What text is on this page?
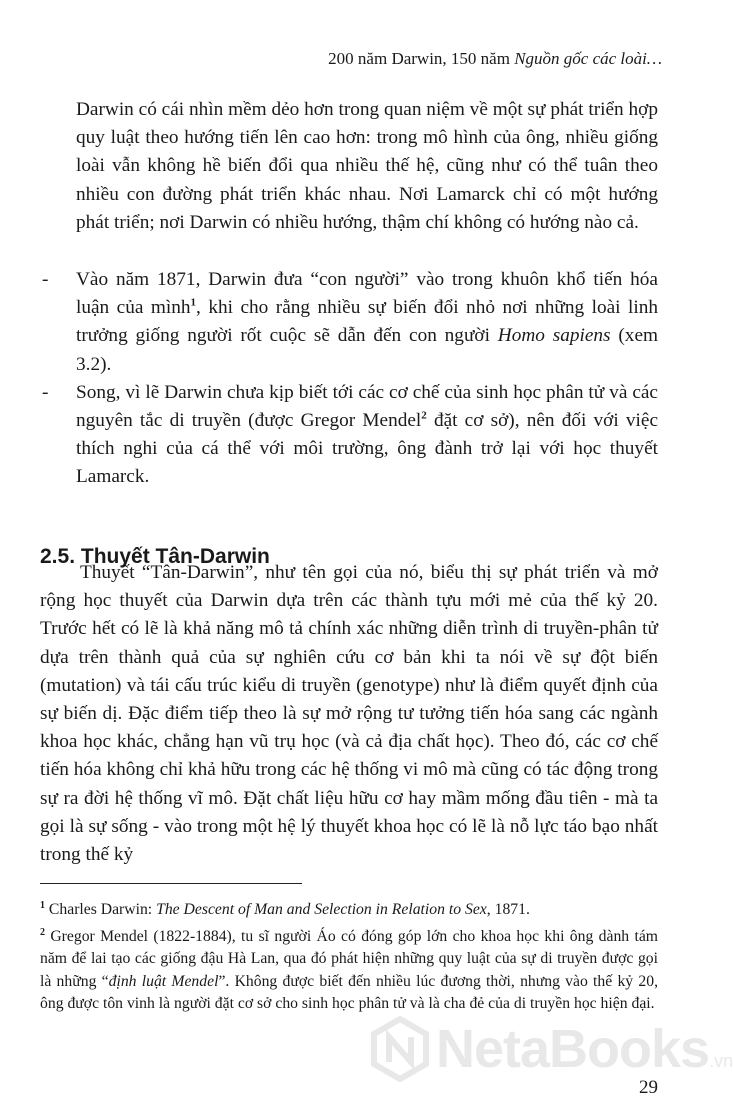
200 năm Darwin, 150 năm Nguồn gốc các loài…

Darwin có cái nhìn mềm dẻo hơn trong quan niệm về một sự phát triển hợp quy luật theo hướng tiến lên cao hơn: trong mô hình của ông, nhiều giống loài vẫn không hề biến đổi qua nhiều thế hệ, cũng như có thể tuân theo nhiều con đường phát triển khác nhau. Nơi Lamarck chỉ có một hướng phát triển; nơi Darwin có nhiều hướng, thậm chí không có hướng nào cả.

- Vào năm 1871, Darwin đưa “con người” vào trong khuôn khổ tiến hóa luận của mình$^1$, khi cho rằng nhiều sự biến đổi nhỏ nơi những loài linh trưởng giống người rốt cuộc sẽ dẫn đến con người Homo sapiens (xem 3.2).

- Song, vì lẽ Darwin chưa kịp biết tới các cơ chế của sinh học phân tử và các nguyên tắc di truyền (được Gregor Mendel$^2$ đặt cơ sở), nên đối với việc thích nghi của cá thể với môi trường, ông đành trở lại với học thuyết Lamarck.

2.5. Thuyết Tân-Darwin

Thuyết “Tân-Darwin”, như tên gọi của nó, biểu thị sự phát triển và mở rộng học thuyết của Darwin dựa trên các thành tựu mới mẻ của thế kỷ 20. Trước hết có lẽ là khả năng mô tả chính xác những diễn trình di truyền-phân tử dựa trên thành quả của sự nghiên cứu cơ bản khi ta nói về sự đột biến (mutation) và tái cấu trúc kiểu di truyền (genotype) như là điểm quyết định của sự biến dị. Đặc điểm tiếp theo là sự mở rộng tư tưởng tiến hóa sang các ngành khoa học khác, chẳng hạn vũ trụ học (và cả địa chất học). Theo đó, các cơ chế tiến hóa không chỉ khả hữu trong các hệ thống vi mô mà cũng có tác động trong sự ra đời hệ thống vĩ mô. Đặt chất liệu hữu cơ hay mầm mống đầu tiên - mà ta gọi là sự sống - vào trong một hệ lý thuyết khoa học có lẽ là nỗ lực táo bạo nhất trong thế kỷ

$^1$ Charles Darwin: The Descent of Man and Selection in Relation to Sex, 1871.

$^2$ Gregor Mendel (1822-1884), tu sĩ người Áo có đóng góp lớn cho khoa học khi ông dành tám năm để lai tạo các giống đậu Hà Lan, qua đó phát hiện những quy luật của sự di truyền được gọi là những “định luật Mendel”. Không được biết đến nhiều lúc đương thời, nhưng vào thế kỷ 20, ông được tôn vinh là người đặt cơ sở cho sinh học phân tử và là cha đẻ của di truyền học hiện đại.

NetaBooks .vn
29
